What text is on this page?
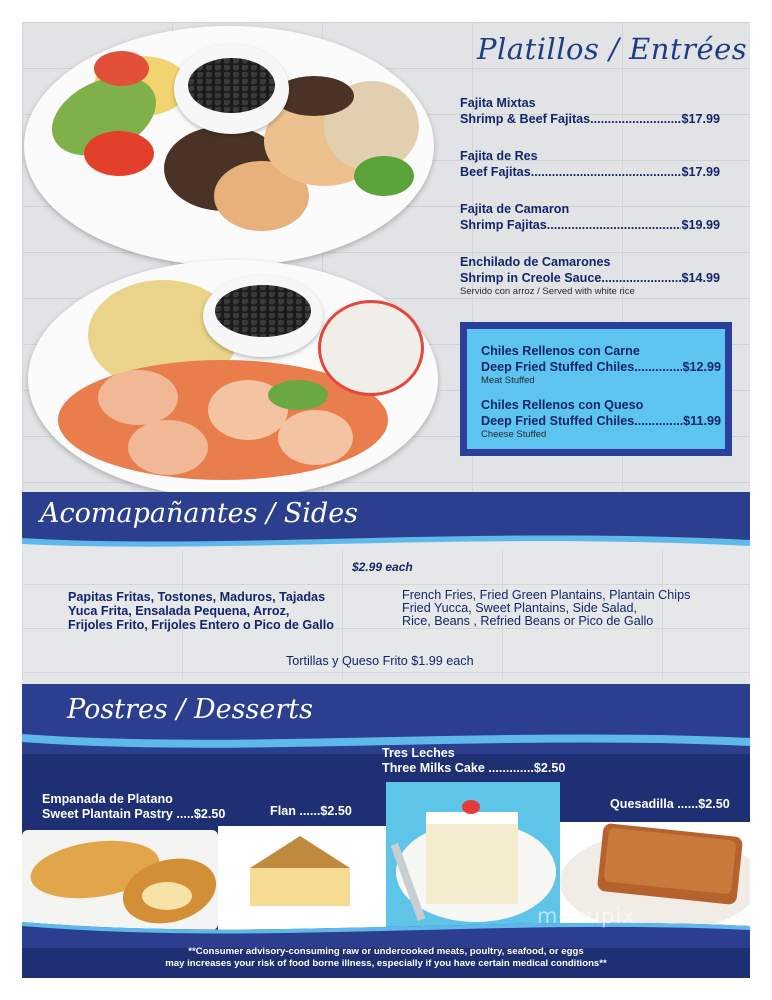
Platillos / Entrées
Fajita Mixtas
Shrimp & Beef Fajitas .....	$17.99
Fajita de Res
Beef Fajitas .....	$17.99
Fajita de Camaron
Shrimp Fajitas .....	$19.99
Enchilado de Camarones
Shrimp in Creole Sauce .....	$14.99
Servido con arroz / Served with white rice
Chiles Rellenos con Carne
Deep Fried Stuffed Chiles .....	$12.99
Meat Stuffed
Chiles Rellenos con Queso
Deep Fried Stuffed Chiles .....	$11.99
Cheese Stuffed
Acomapañantes / Sides
$2.99 each
Papitas Fritas, Tostones, Maduros, Tajadas
Yuca Frita, Ensalada Pequena, Arroz,
Frijoles Frito, Frijoles Entero o Pico de Gallo
French Fries, Fried Green Plantains, Plantain Chips
Fried Yucca, Sweet Plantains, Side Salad,
Rice, Beans , Refried Beans or Pico de Gallo
Tortillas y Queso Frito $1.99 each
Postres / Desserts
Empanada de Platano
Sweet Plantain Pastry .....$2.50	Flan ......$2.50
Tres Leches
Three Milks Cake .............$2.50
Quesadilla ......$2.50
menupix
**Consumer advisory-consuming raw or undercooked meats, poultry, seafood, or eggs
may increases your risk of food borne illness, especially if you have certain medical conditions**
